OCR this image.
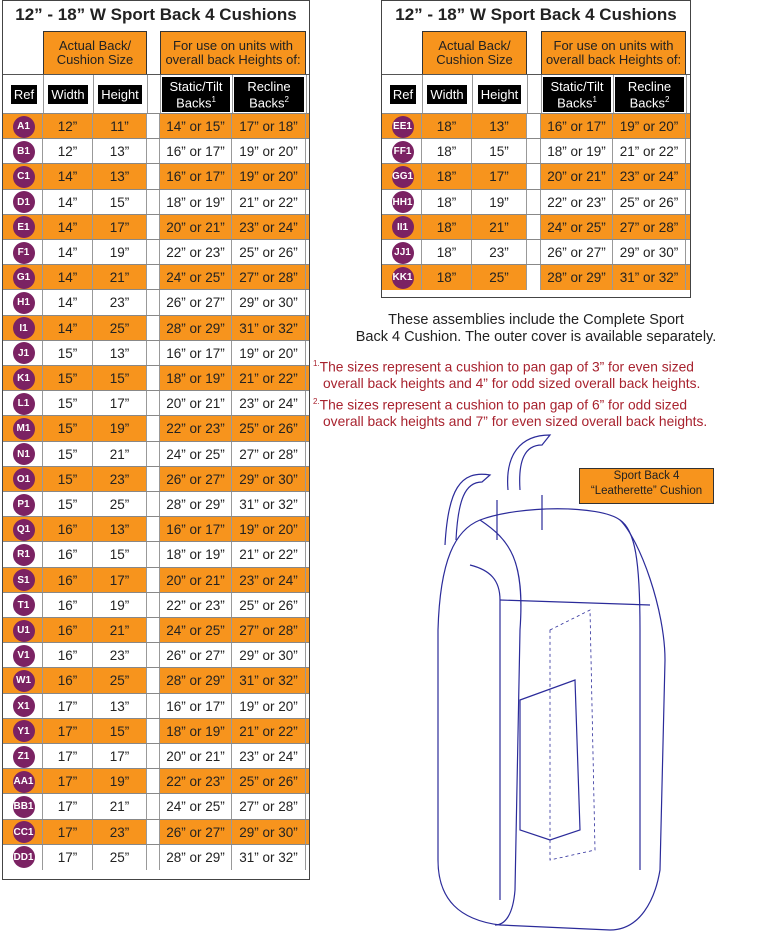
12” - 18” W Sport Back 4 Cushions
Actual Back/ Cushion Size
For use on units with overall back Heights of:
Ref Width Height
Static/Tilt Backs$^1$
Recline Backs$^2$
A1	12”	11”	14” or 15”	17” or 18”
B1	12”	13”	16” or 17”	19” or 20”
C1	14”	13”	16” or 17”	19” or 20”
D1	14”	15”	18” or 19”	21” or 22”
E1	14”	17”	20” or 21”	23” or 24”
F1	14”	19”	22” or 23”	25” or 26”
G1	14”	21”	24” or 25”	27” or 28”
H1	14”	23”	26” or 27”	29” or 30”
I1	14”	25”	28” or 29”	31” or 32”
J1	15”	13”	16” or 17”	19” or 20”
K1	15”	15”	18” or 19”	21” or 22”
L1	15”	17”	20” or 21”	23” or 24”
M1	15”	19”	22” or 23”	25” or 26”
N1	15”	21”	24” or 25”	27” or 28”
O1	15”	23”	26” or 27”	29” or 30”
P1	15”	25”	28” or 29”	31” or 32”
Q1	16”	13”	16” or 17”	19” or 20”
R1	16”	15”	18” or 19”	21” or 22”
S1	16”	17”	20” or 21”	23” or 24”
T1	16”	19”	22” or 23”	25” or 26”
U1	16”	21”	24” or 25”	27” or 28”
V1	16”	23”	26” or 27”	29” or 30”
W1	16”	25”	28” or 29”	31” or 32”
X1	17”	13”	16” or 17”	19” or 20”
Y1	17”	15”	18” or 19”	21” or 22”
Z1	17”	17”	20” or 21”	23” or 24”
AA1	17”	19”	22” or 23”	25” or 26”
BB1	17”	21”	24” or 25”	27” or 28”
CC1	17”	23”	26” or 27”	29” or 30”
DD1	17”	25”	28” or 29”	31” or 32”
12” - 18” W Sport Back 4 Cushions
Actual Back/ Cushion Size
For use on units with overall back Heights of:
Ref Width Height
Static/Tilt Backs$^1$
Recline Backs$^2$
EE1	18”	13”	16” or 17”	19” or 20”
FF1	18”	15”	18” or 19”	21” or 22”
GG1	18”	17”	20” or 21”	23” or 24”
HH1	18”	19”	22” or 23”	25” or 26”
II1	18”	21”	24” or 25”	27” or 28”
JJ1	18”	23”	26” or 27”	29” or 30”
KK1	18”	25”	28” or 29”	31” or 32”
These assemblies include the Complete Sport
Back 4 Cushion. The outer cover is available separately.
$^{1.}$The sizes represent a cushion to pan gap of 3” for even sized
overall back heights and 4” for odd sized overall back heights.
$^{2.}$The sizes represent a cushion to pan gap of 6” for odd sized
overall back heights and 7” for even sized overall back heights.
Sport Back 4
“Leatherette” Cushion
